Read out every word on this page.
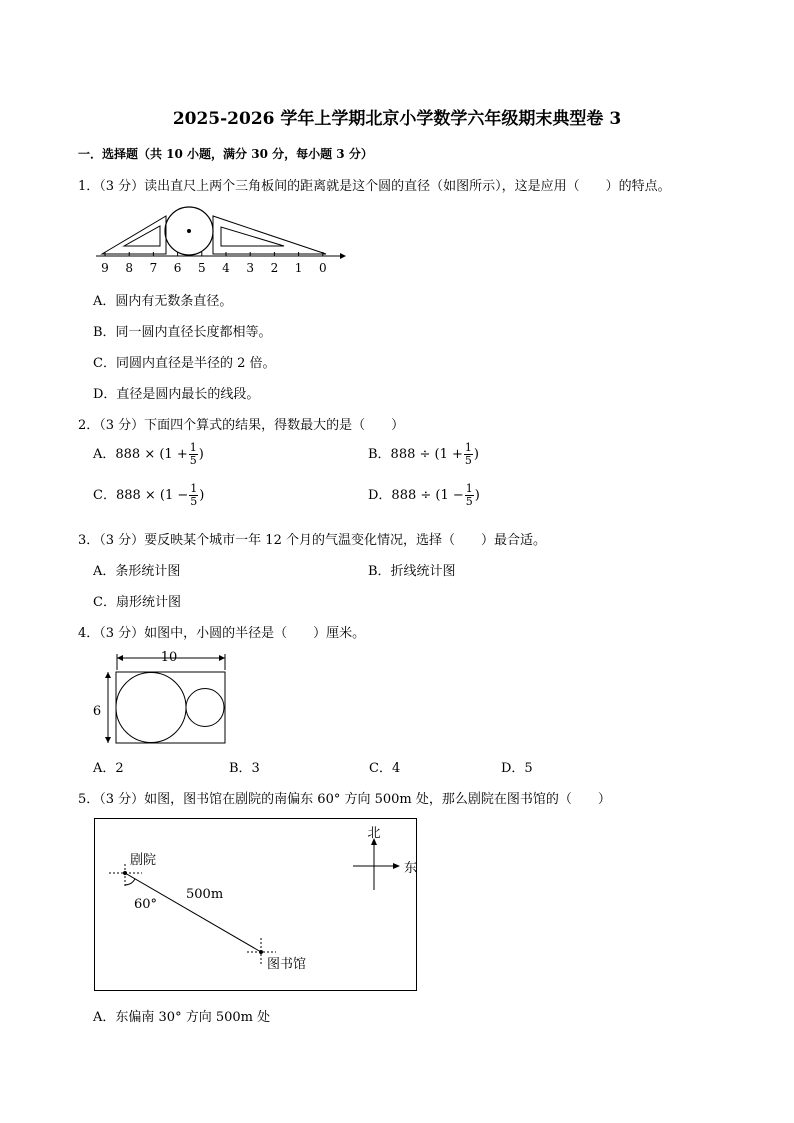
2025-2026 学年上学期北京小学数学六年级期末典型卷 3
一．选择题（共 10 小题，满分 30 分，每小题 3 分）
1．（3 分）读出直尺上两个三角板间的距离就是这个圆的直径（如图所示），这是应用（　　）的特点。
9 8 7 6 5 4 3 2 1 0
A．圆内有无数条直径。
B．同一圆内直径长度都相等。
C．同圆内直径是半径的 2 倍。
D．直径是圆内最长的线段。
2．（3 分）下面四个算式的结果，得数最大的是（　　）
A．$888 \times (1 + \frac{1}{5}$ )	B．$888 \div (1 + \frac{1}{5}$ )
C．$888 \times (1 - \frac{1}{5}$ )	D．$888 \div (1 - \frac{1}{5}$ )
3．（3 分）要反映某个城市一年 12 个月的气温变化情况，选择（　　）最合适。
A．条形统计图	B．折线统计图
C．扇形统计图
4．（3 分）如图中，小圆的半径是（　　）厘米。
10
6
A．2	B．3	C．4	D．5
5．（3 分）如图，图书馆在剧院的南偏东 60° 方向 500m 处，那么剧院在图书馆的（　　）
北
东
剧院
60°
500m
图书馆
A．东偏南 30° 方向 500m 处
